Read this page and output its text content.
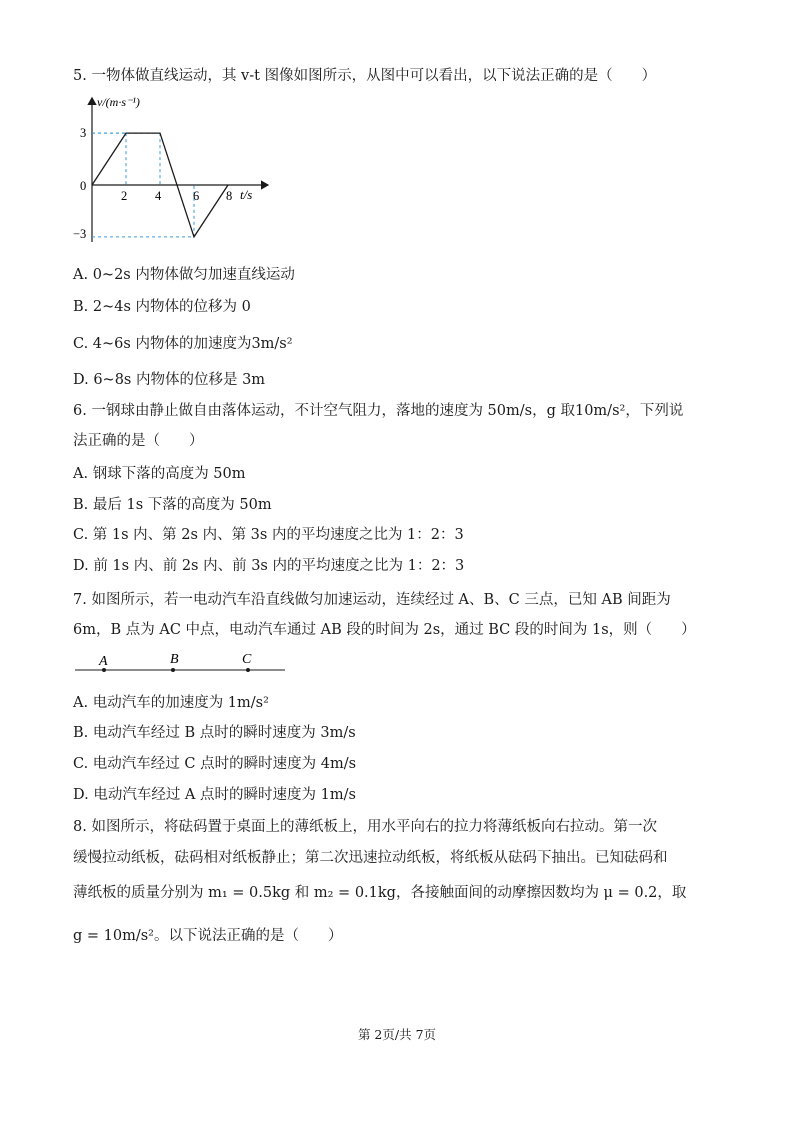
5. 一物体做直线运动，其 v-t 图像如图所示，从图中可以看出，以下说法正确的是（　　）
v/(m·s⁻¹)
t/s
0
3
−3
2 4	6 8
A. 0~2s 内物体做匀加速直线运动
B. 2~4s 内物体的位移为 0
C. 4~6s 内物体的加速度为3m/s²
D. 6~8s 内物体的位移是 3m
6. 一钢球由静止做自由落体运动，不计空气阻力，落地的速度为 50m/s，g 取10m/s²，下列说
法正确的是（　　）
A. 钢球下落的高度为 50m
B. 最后 1s 下落的高度为 50m
C. 第 1s 内、第 2s 内、第 3s 内的平均速度之比为 1：2：3
D. 前 1s 内、前 2s 内、前 3s 内的平均速度之比为 1：2：3
7. 如图所示，若一电动汽车沿直线做匀加速运动，连续经过 A、B、C 三点，已知 AB 间距为
6m，B 点为 AC 中点，电动汽车通过 AB 段的时间为 2s，通过 BC 段的时间为 1s，则（　　）
A	B	C
A. 电动汽车的加速度为 1m/s²
B. 电动汽车经过 B 点时的瞬时速度为 3m/s
C. 电动汽车经过 C 点时的瞬时速度为 4m/s
D. 电动汽车经过 A 点时的瞬时速度为 1m/s
8. 如图所示，将砝码置于桌面上的薄纸板上，用水平向右的拉力将薄纸板向右拉动。第一次
缓慢拉动纸板，砝码相对纸板静止；第二次迅速拉动纸板，将纸板从砝码下抽出。已知砝码和
薄纸板的质量分别为 m₁ = 0.5kg 和 m₂ = 0.1kg，各接触面间的动摩擦因数均为 μ = 0.2，取
g = 10m/s²。以下说法正确的是（　　）
第 2页/共 7页
